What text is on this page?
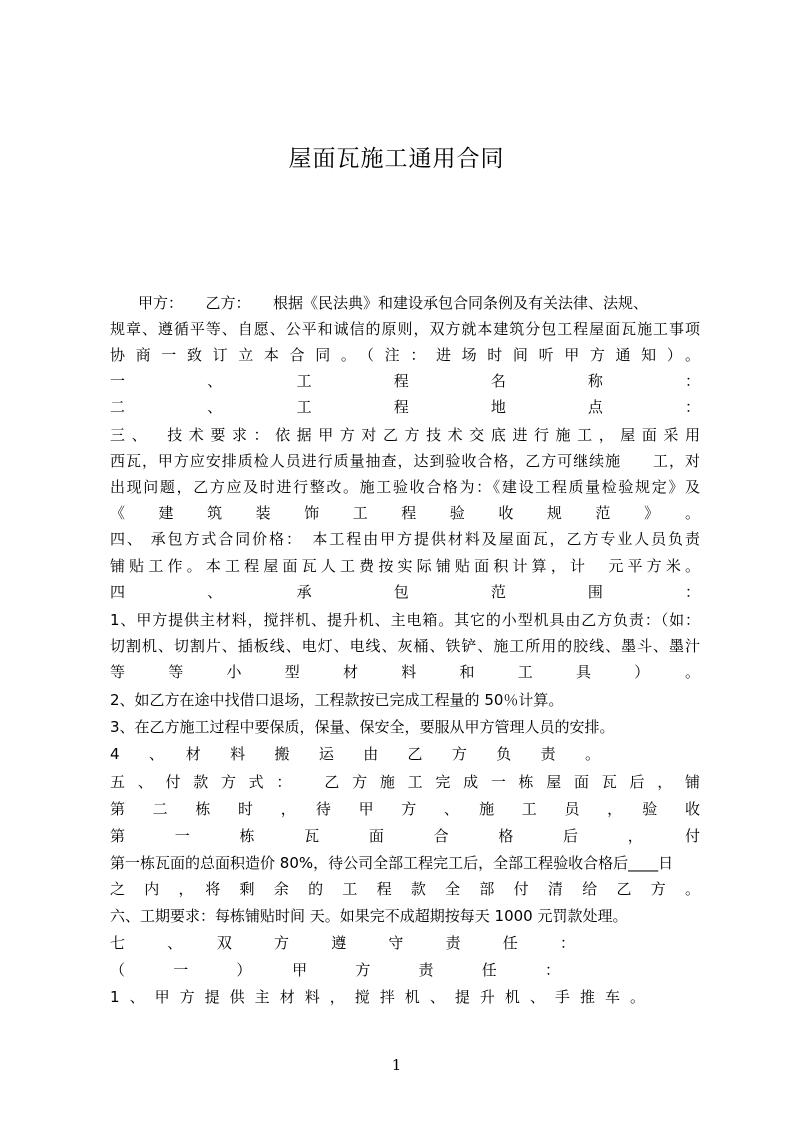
屋面瓦施工通用合同
甲方：　　乙方：　　根据《民法典》和建设承包合同条例及有关法律、法规、
规章、遵循平等、自愿、公平和诚信的原则，双方就本建筑分包工程屋面瓦施工事项
协商一致订立本合同。（注：进场时间听甲方通知）。
一　、　工　程　名　称　：
二　、　工　程　地　点　：
三、　技术要求：依据甲方对乙方技术交底进行施工，屋面采用
西瓦，甲方应安排质检人员进行质量抽查，达到验收合格，乙方可继续施　　工，对
出现问题，乙方应及时进行整改。施工验收合格为：《建设工程质量检验规定》及
《　建　筑　装　饰　工　程　验　收　规　范　》　。
四、 承包方式合同价格：　本工程由甲方提供材料及屋面瓦，乙方专业人员负责
铺贴工作。本工程屋面瓦人工费按实际铺贴面积计算，计　元平方米。
四　、　承　包　范　围　：
1、甲方提供主材料，搅拌机、提升机、主电箱。其它的小型机具由乙方负责：（如：
切割机、切割片、插板线、电灯、电线、灰桶、铁铲、施工所用的胶线、墨斗、墨汁
等　等　小　型　材　料　和　工　具　）　。
2、如乙方在途中找借口退场，工程款按已完成工程量的 50％计算。
3、在乙方施工过程中要保质，保量、保安全，要服从甲方管理人员的安排。
4　、　材　料　搬　运　由　乙　方　负　责　。
五、付款方式：　乙方施工完成一栋屋面瓦后，铺
第　二　栋　时　，　待　甲　方　、　施　工　员　，　验　收
第　一　栋　瓦　面　合　格　后　，　付
第一栋瓦面的总面积造价 80%，待公司全部工程完工后，全部工程验收合格后____日
之　内　，　将　剩　余　的　工　程　款　全　部　付　清　给　乙　方　。
六、工期要求：每栋铺贴时间 天。如果完不成超期按每天 1000 元罚款处理。
七　、　双　方　遵　守　责　任　：
（　一　）　甲　方　责　任　：
1、甲方提供主材料，搅拌机、提升机、手推车。
1
